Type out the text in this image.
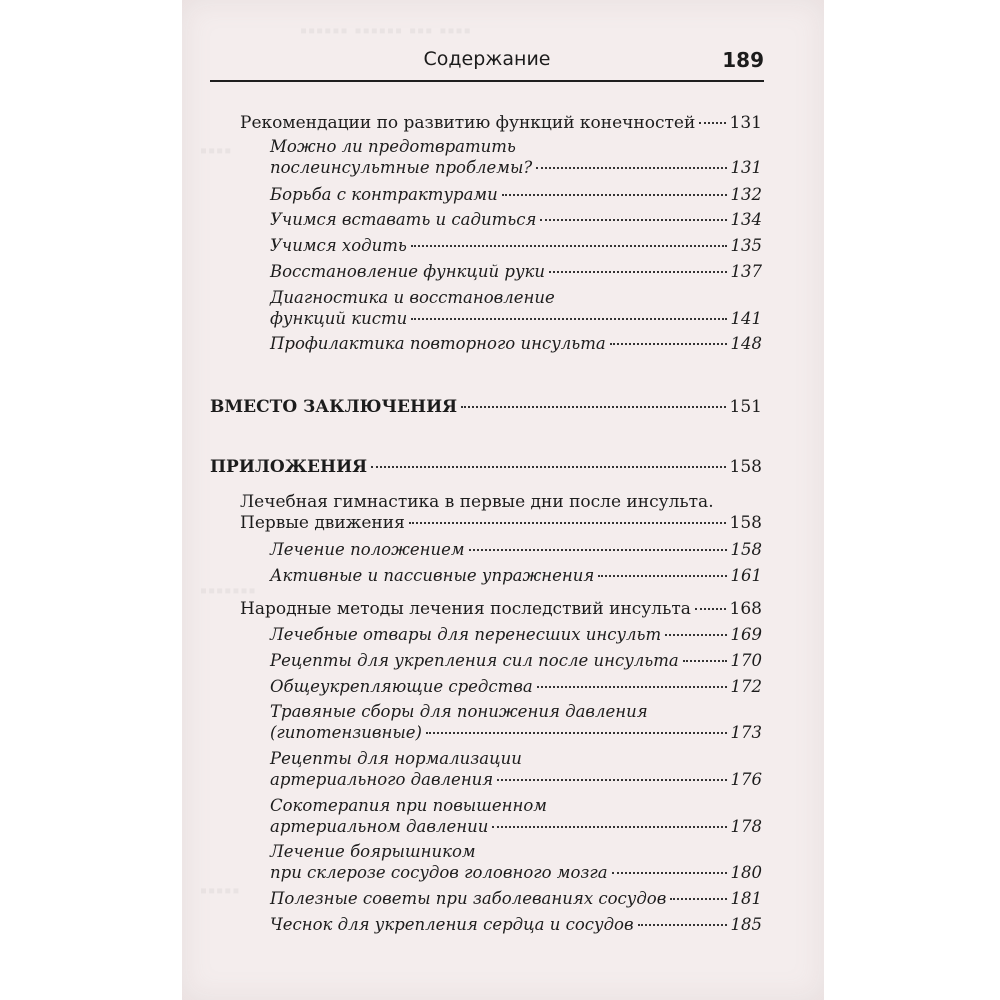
▪▪▪▪▪▪ ▪▪▪▪▪▪ ▪▪▪ ▪▪▪▪
▪▪▪▪
▪▪▪▪▪▪▪
▪▪▪▪▪
Содержание	189
Рекомендации по развитию функций конечностей 131
Можно ли предотвратить
послеинсультные проблемы?	131
Борьба с контрактурами	132
Учимся вставать и садиться	134
Учимся ходить	135
Восстановление функций руки	137
Диагностика и восстановление
функций кисти	141
Профилактика повторного инсульта	148
ВМЕСТО ЗАКЛЮЧЕНИЯ	151
ПРИЛОЖЕНИЯ	158
Лечебная гимнастика в первые дни после инсульта.
Первые движения	158
Лечение положением	158
Активные и пассивные упражнения	161
Народные методы лечения последствий инсульта 168
Лечебные отвары для перенесших инсульт	169
Рецепты для укрепления сил после инсульта	170
Общеукрепляющие средства	172
Травяные сборы для понижения давления
(гипотензивные)	173
Рецепты для нормализации
артериального давления	176
Сокотерапия при повышенном
артериальном давлении	178
Лечение боярышником
при склерозе сосудов головного мозга	180
Полезные советы при заболеваниях сосудов	181
Чеснок для укрепления сердца и сосудов	185
